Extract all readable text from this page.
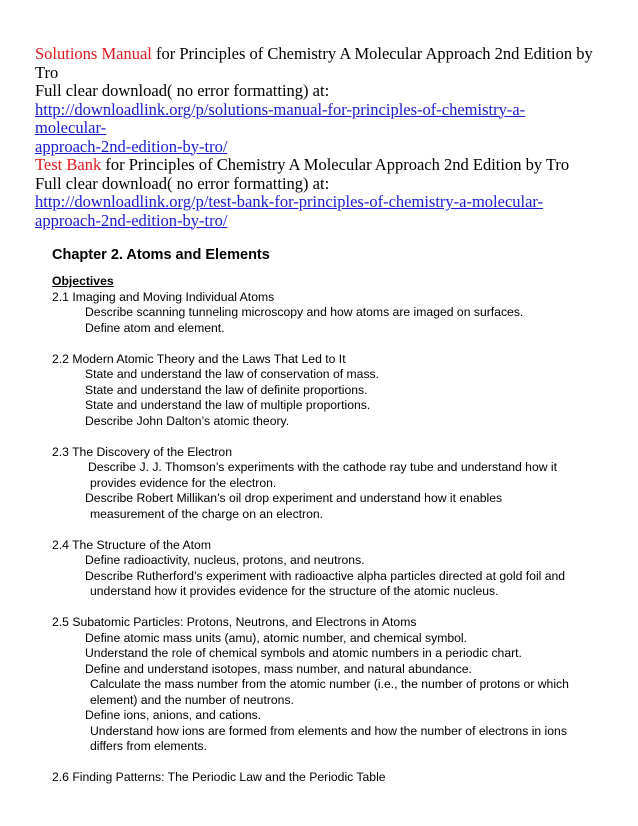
Solutions Manual for Principles of Chemistry A Molecular Approach 2nd Edition by
Tro
Full clear download( no error formatting) at:
http://downloadlink.org/p/solutions-manual-for-principles-of-chemistry-a-molecular-
approach-2nd-edition-by-tro/
Test Bank for Principles of Chemistry A Molecular Approach 2nd Edition by Tro
Full clear download( no error formatting) at:
http://downloadlink.org/p/test-bank-for-principles-of-chemistry-a-molecular-
approach-2nd-edition-by-tro/
Chapter 2. Atoms and Elements
Objectives
2.1 Imaging and Moving Individual Atoms
Describe scanning tunneling microscopy and how atoms are imaged on surfaces.
Define atom and element.
2.2 Modern Atomic Theory and the Laws That Led to It
State and understand the law of conservation of mass.
State and understand the law of definite proportions.
State and understand the law of multiple proportions.
Describe John Dalton’s atomic theory.
2.3 The Discovery of the Electron
Describe J. J. Thomson’s experiments with the cathode ray tube and understand how it
provides evidence for the electron.
Describe Robert Millikan’s oil drop experiment and understand how it enables
measurement of the charge on an electron.
2.4 The Structure of the Atom
Define radioactivity, nucleus, protons, and neutrons.
Describe Rutherford’s experiment with radioactive alpha particles directed at gold foil and
understand how it provides evidence for the structure of the atomic nucleus.
2.5 Subatomic Particles: Protons, Neutrons, and Electrons in Atoms
Define atomic mass units (amu), atomic number, and chemical symbol.
Understand the role of chemical symbols and atomic numbers in a periodic chart.
Define and understand isotopes, mass number, and natural abundance.
Calculate the mass number from the atomic number (i.e., the number of protons or which
element) and the number of neutrons.
Define ions, anions, and cations.
Understand how ions are formed from elements and how the number of electrons in ions
differs from elements.
2.6 Finding Patterns: The Periodic Law and the Periodic Table
